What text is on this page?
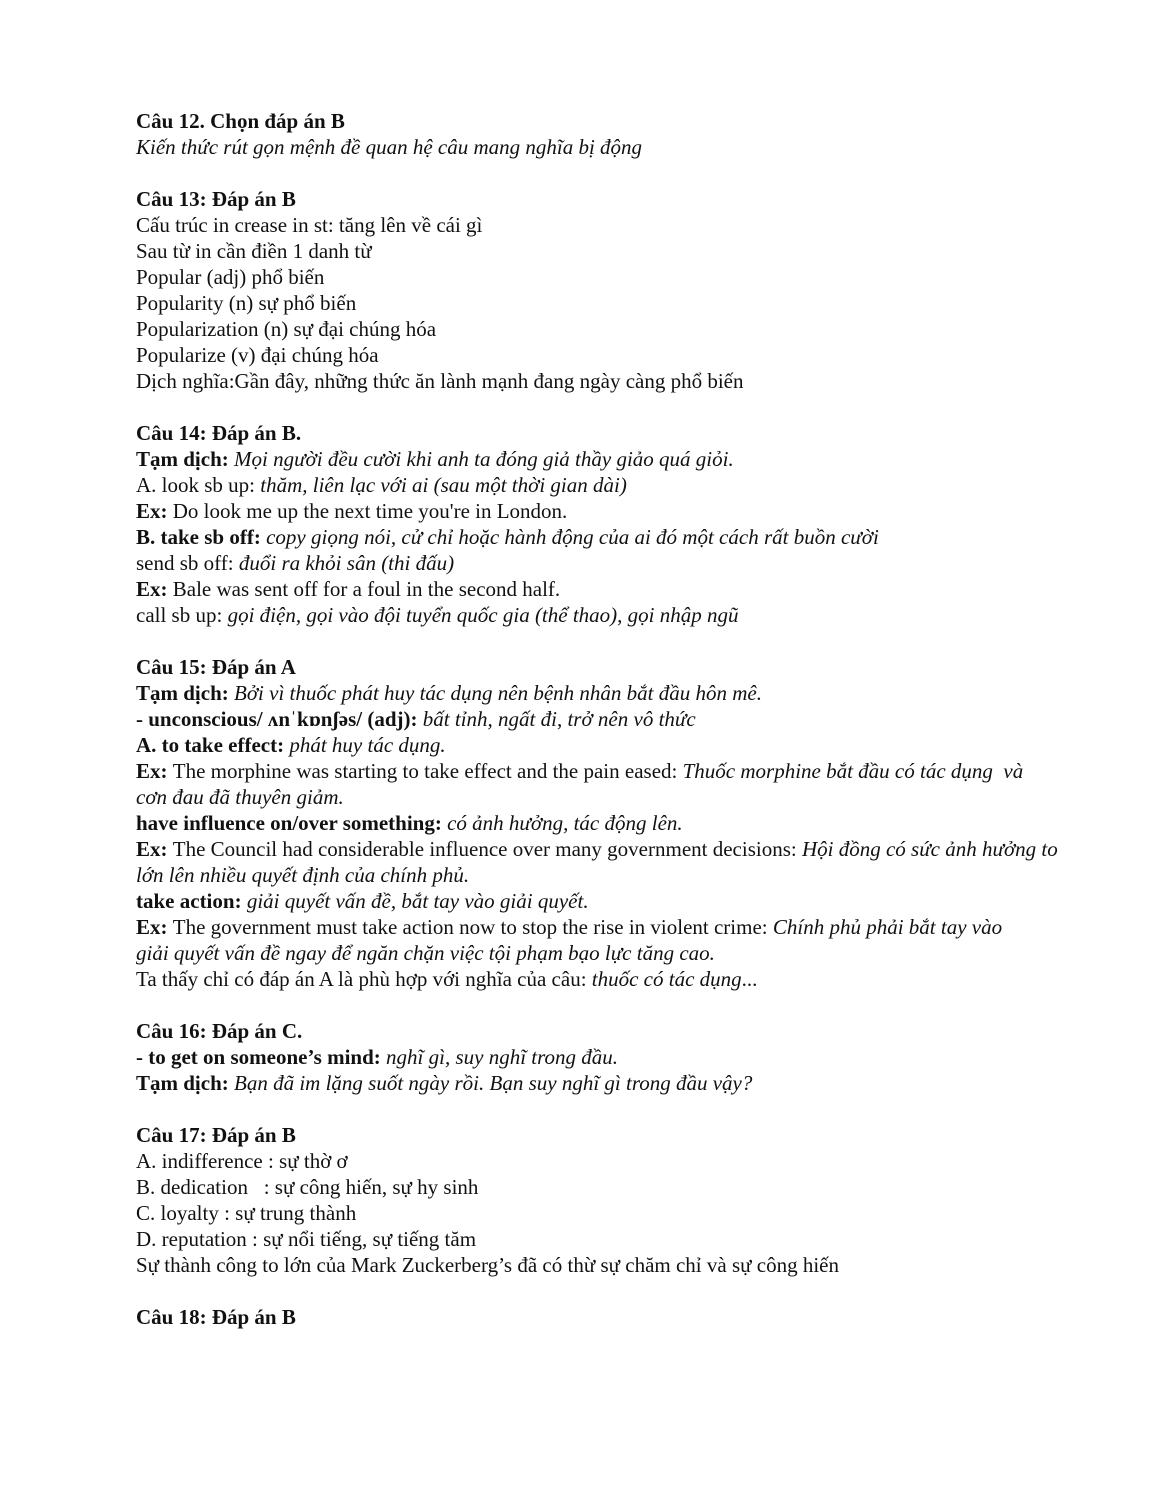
Câu 12. Chọn đáp án B
Kiến thức rút gọn mệnh đề quan hệ câu mang nghĩa bị động
Câu 13: Đáp án B
Cấu trúc in crease in st: tăng lên về cái gì
Sau từ in cần điền 1 danh từ
Popular (adj) phổ biến
Popularity (n) sự phổ biến
Popularization (n) sự đại chúng hóa
Popularize (v) đại chúng hóa
Dịch nghĩa:Gần đây, những thức ăn lành mạnh đang ngày càng phổ biến
Câu 14: Đáp án B.
Tạm dịch: Mọi người đều cười khi anh ta đóng giả thầy giảo quá giỏi.
A. look sb up: thăm, liên lạc với ai (sau một thời gian dài)
Ex: Do look me up the next time you're in London.
B. take sb off: copy giọng nói, cử chỉ hoặc hành động của ai đó một cách rất buồn cười
send sb off: đuổi ra khỏi sân (thi đấu)
Ex: Bale was sent off for a foul in the second half.
call sb up: gọi điện, gọi vào đội tuyển quốc gia (thể thao), gọi nhập ngũ
Câu 15: Đáp án A
Tạm dịch: Bởi vì thuốc phát huy tác dụng nên bệnh nhân bắt đầu hôn mê.
- unconscious/ ʌnˈkɒnʃəs/ (adj): bất tỉnh, ngất đi, trở nên vô thức
A. to take effect: phát huy tác dụng.
Ex: The morphine was starting to take effect and the pain eased: Thuốc morphine bắt đầu có tác dụng  và
cơn đau đã thuyên giảm.
have influence on/over something: có ảnh hưởng, tác động lên.
Ex: The Council had considerable influence over many government decisions: Hội đồng có sức ảnh hưởng to lớn lên nhiều quyết định của chính phủ.
take action: giải quyết vấn đề, bắt tay vào giải quyết.
Ex: The government must take action now to stop the rise in violent crime: Chính phủ phải bắt tay vào
giải quyết vấn đề ngay để ngăn chặn việc tội phạm bạo lực tăng cao.
Ta thấy chỉ có đáp án A là phù hợp với nghĩa của câu: thuốc có tác dụng...
Câu 16: Đáp án C.
- to get on someone’s mind: nghĩ gì, suy nghĩ trong đầu.
Tạm dịch: Bạn đã im lặng suốt ngày rồi. Bạn suy nghĩ gì trong đầu vậy?
Câu 17: Đáp án B
A. indifference : sự thờ ơ
B. dedication   : sự công hiến, sự hy sinh
C. loyalty : sự trung thành
D. reputation : sự nổi tiếng, sự tiếng tăm
Sự thành công to lớn của Mark Zuckerberg’s đã có thừ sự chăm chỉ và sự công hiến
Câu 18: Đáp án B
